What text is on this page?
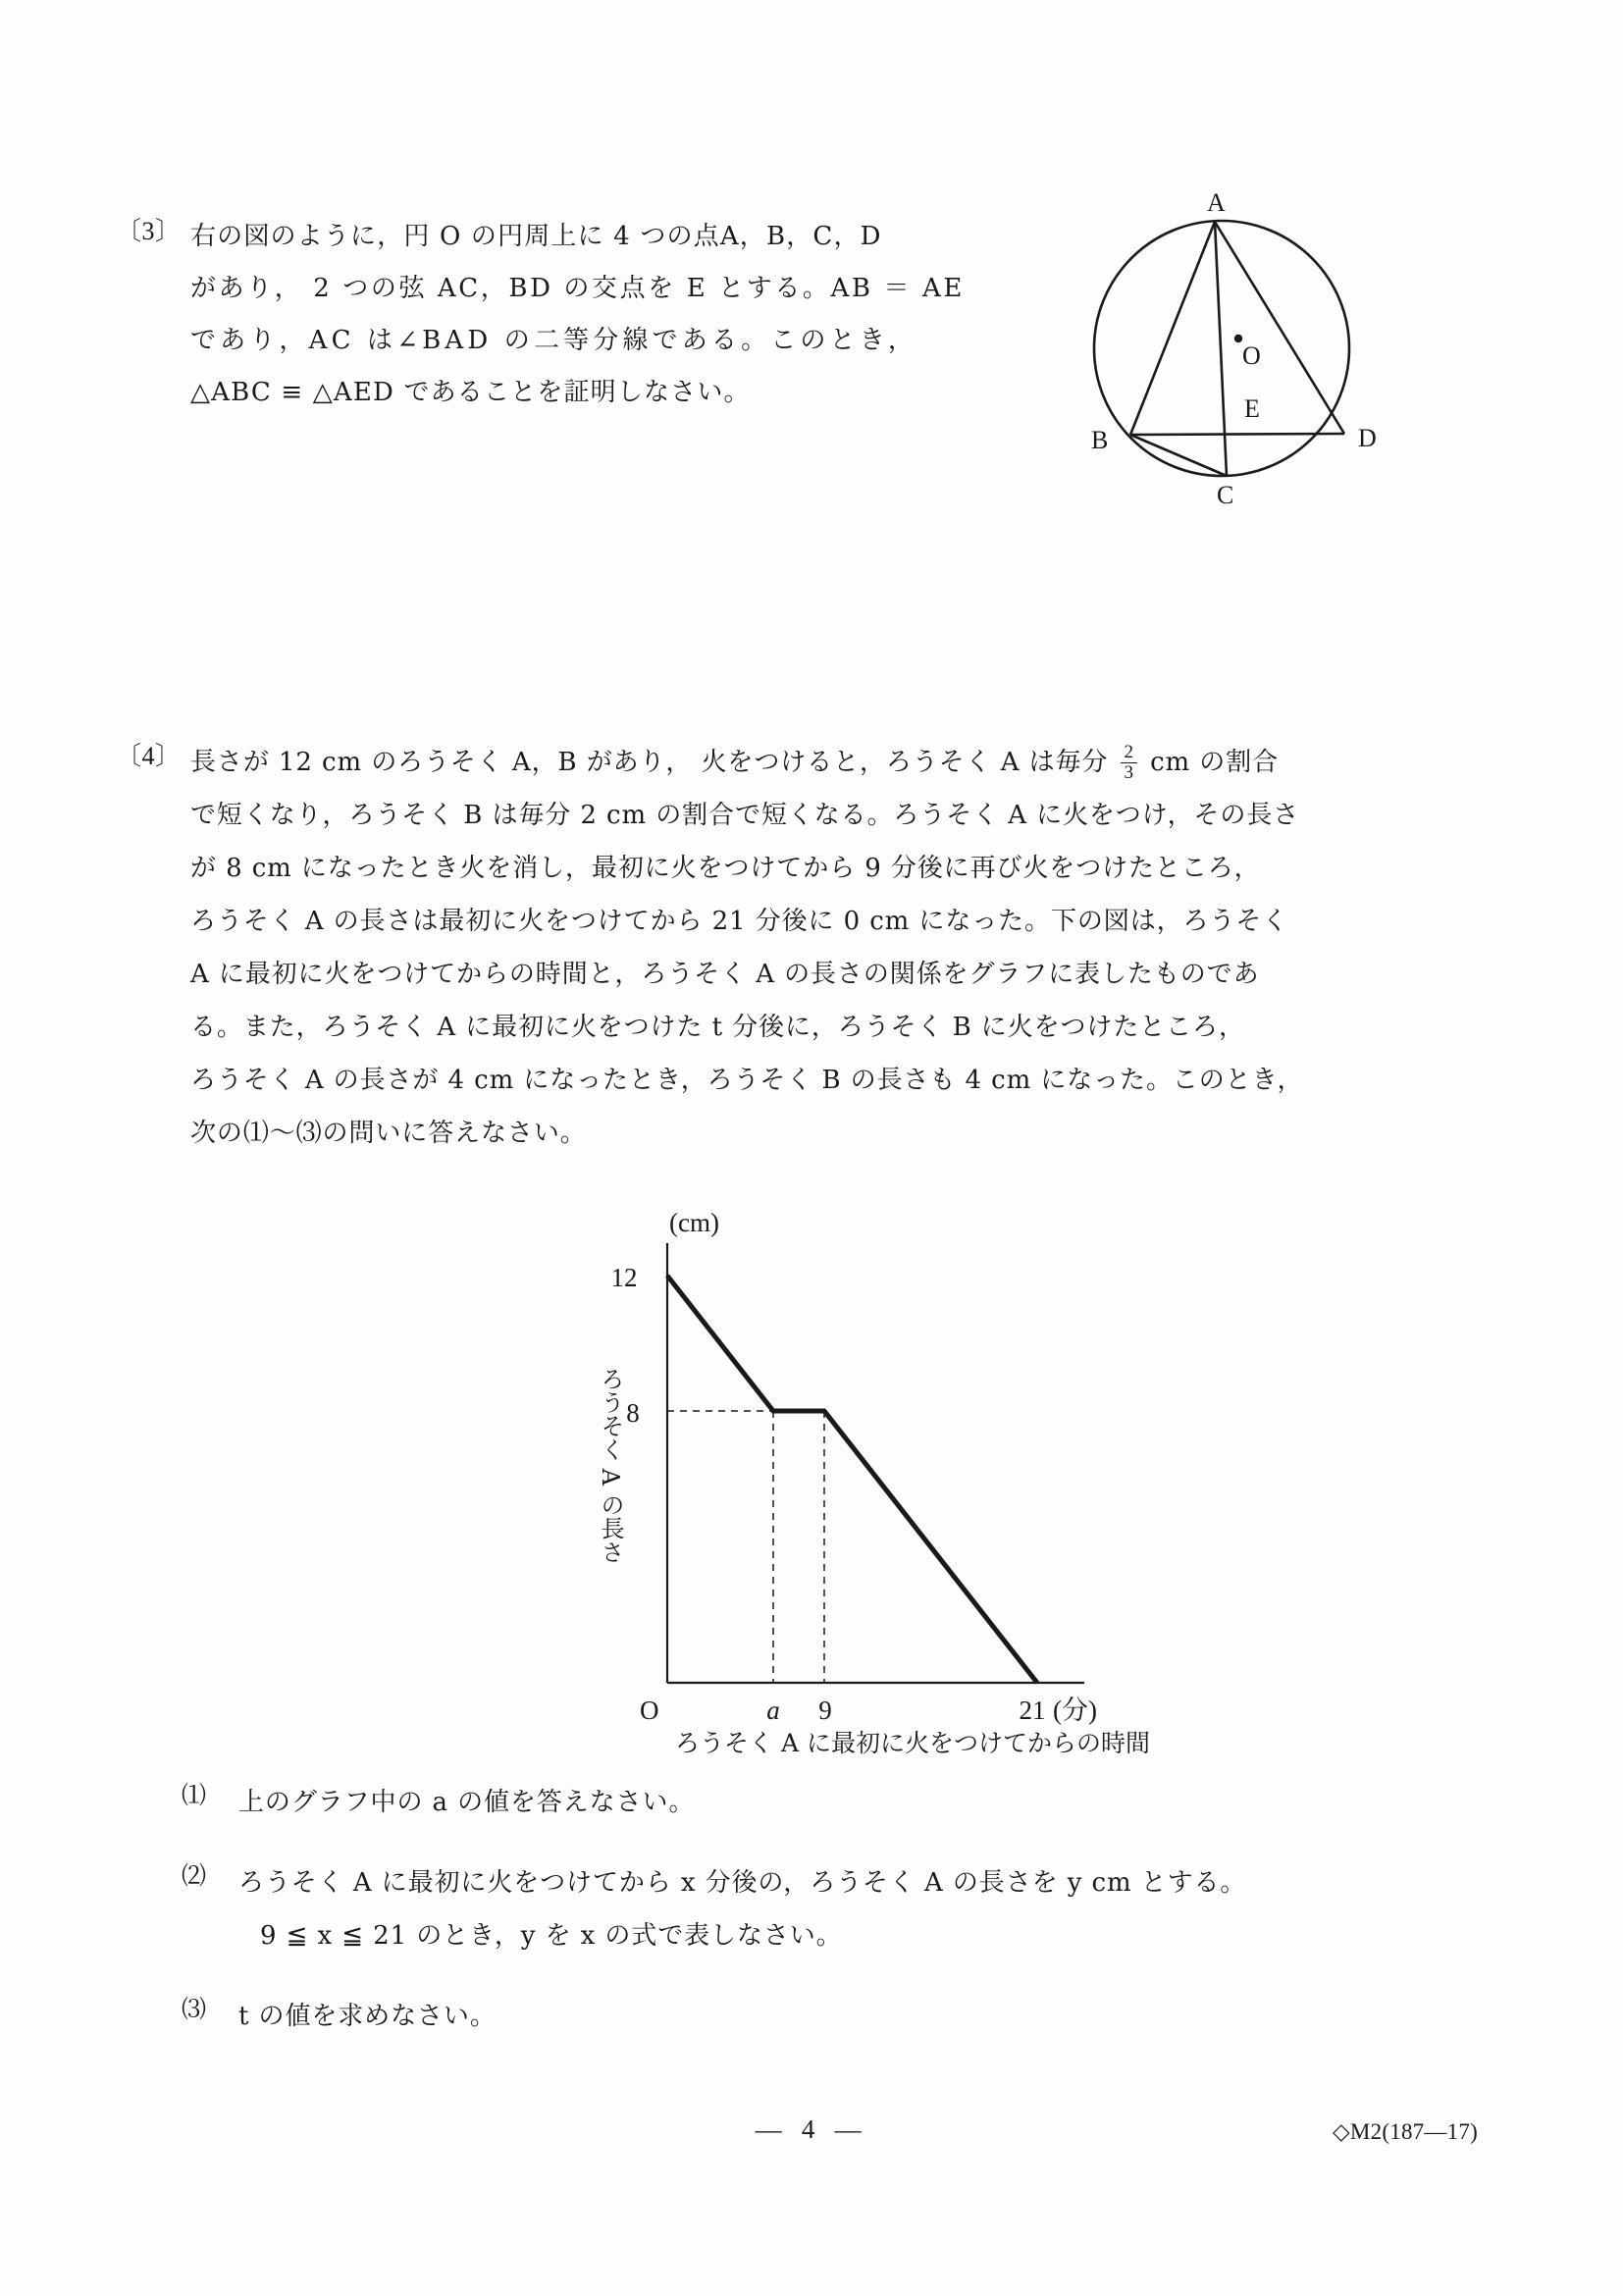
〔3〕 右の図のように，円 O の円周上に 4 つの点A，B，C，D
があり， 2 つの弦 AC，BD の交点を E とする。AB ＝ AE
であり，AC は∠BAD の二等分線である。このとき，
△ABC ≡ △AED であることを証明しなさい。
A
B
C
D
E
O
〔4〕 長さが 12 cm のろうそく A，B があり， 火をつけると，ろうそく A は毎分 $\frac{2}{3}$ cm の割合
で短くなり，ろうそく B は毎分 2 cm の割合で短くなる。ろうそく A に火をつけ，その長さ
が 8 cm になったとき火を消し，最初に火をつけてから 9 分後に再び火をつけたところ，
ろうそく A の長さは最初に火をつけてから 21 分後に 0 cm になった。下の図は，ろうそく
A に最初に火をつけてからの時間と，ろうそく A の長さの関係をグラフに表したものであ
る。また，ろうそく A に最初に火をつけた t 分後に，ろうそく B に火をつけたところ，
ろうそく A の長さが 4 cm になったとき，ろうそく B の長さも 4 cm になった。このとき，
次の⑴〜⑶の問いに答えなさい。
12
8
(cm)
O	a 9	21 (分)
ろうそく A の長さ
ろうそく A に最初に火をつけてからの時間
⑴ 上のグラフ中の a の値を答えなさい。
⑵ ろうそく A に最初に火をつけてから x 分後の，ろうそく A の長さを y cm とする。
9 ≦ x ≦ 21 のとき，y を x の式で表しなさい。
⑶ t の値を求めなさい。
— 4 —	◇M2(187—17)
